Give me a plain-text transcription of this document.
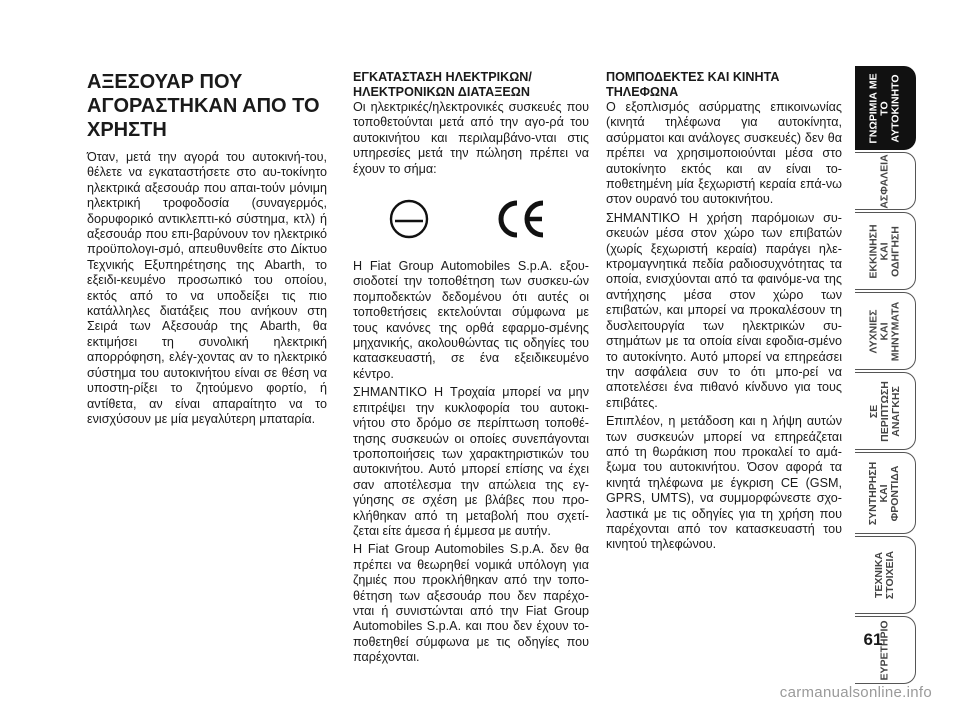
ΑΞΕΣΟΥΑΡ ΠΟΥ ΑΓΟΡΑΣΤΗΚΑΝ ΑΠΟ ΤΟ ΧΡΗΣΤΗ

Όταν, μετά την αγορά του αυτοκινή-του, θέλετε να εγκαταστήσετε στο αυ-τοκίνητο ηλεκτρικά αξεσουάρ που απαι-τούν μόνιμη ηλεκτρική τροφοδοσία (συναγερμός, δορυφορικό αντικλεπτι-κό σύστημα, κτλ) ή αξεσουάρ που επι-βαρύνουν τον ηλεκτρικό προϋπολογι-σμό, απευθυνθείτε στο Δίκτυο Τεχνικής Εξυπηρέτησης της Abarth, το εξειδι-κευμένο προσωπικό του οποίου, εκτός από το να υποδείξει τις πιο κατάλληλες διατάξεις που ανήκουν στη Σειρά των Αξεσουάρ της Abarth, θα εκτιμήσει τη συνολική ηλεκτρική απορρόφηση, ελέγ-χοντας αν το ηλεκτρικό σύστημα του αυτοκινήτου είναι σε θέση να υποστη-ρίξει το ζητούμενο φορτίο, ή αντίθετα, αν είναι απαραίτητο να το ενισχύσουν με μία μεγαλύτερη μπαταρία.

ΕΓΚΑΤΑΣΤΑΣΗ ΗΛΕΚΤΡΙΚΩΝ/ ΗΛΕΚΤΡΟΝΙΚΩΝ ΔΙΑΤΑΞΕΩΝ

Οι ηλεκτρικές/ηλεκτρονικές συσκευές που τοποθετούνται μετά από την αγο-ρά του αυτοκινήτου και περιλαμβάνο-νται στις υπηρεσίες μετά την πώληση πρέπει να έχουν το σήμα:

Η Fiat Group Automobiles S.p.A. εξου-σιοδοτεί την τοποθέτηση των συσκευ-ών πομποδεκτών δεδομένου ότι αυτές οι τοποθετήσεις εκτελούνται σύμφωνα με τους κανόνες της ορθά εφαρμο-σμένης μηχανικής, ακολουθώντας τις οδηγίες του κατασκευαστή, σε ένα εξειδικευμένο κέντρο.

ΣΗΜΑΝΤΙΚΟ Η Τροχαία μπορεί να μην επιτρέψει την κυκλοφορία του αυτοκι-νήτου στο δρόμο σε περίπτωση τοποθέ-τησης συσκευών οι οποίες συνεπάγονται τροποποιήσεις των χαρακτηριστικών του αυτοκινήτου. Αυτό μπορεί επίσης να έχει σαν αποτέλεσμα την απώλεια της εγ-γύησης σε σχέση με βλάβες που προ-κλήθηκαν από τη μεταβολή που σχετί-ζεται είτε άμεσα ή έμμεσα με αυτήν.

Η Fiat Group Automobiles S.p.A. δεν θα πρέπει να θεωρηθεί νομικά υπόλογη για ζημιές που προκλήθηκαν από την τοπο-θέτηση των αξεσουάρ που δεν παρέχο-νται ή συνιστώνται από την Fiat Group Automobiles S.p.A. και που δεν έχουν το-ποθετηθεί σύμφωνα με τις οδηγίες που παρέχονται.

ΠΟΜΠΟΔΕΚΤΕΣ ΚΑΙ ΚΙΝΗΤΑ ΤΗΛΕΦΩΝΑ

Ο εξοπλισμός ασύρματης επικοινωνίας (κινητά τηλέφωνα για αυτοκίνητα, ασύρματοι και ανάλογες συσκευές) δεν θα πρέπει να χρησιμοποιούνται μέσα στο αυτοκίνητο εκτός και αν είναι το-ποθετημένη μία ξεχωριστή κεραία επά-νω στον ουρανό του αυτοκινήτου.

ΣΗΜΑΝΤΙΚΟ Η χρήση παρόμοιων συ-σκευών μέσα στον χώρο των επιβατών (χωρίς ξεχωριστή κεραία) παράγει ηλε-κτρομαγνητικά πεδία ραδιοσυχνότητας τα οποία, ενισχύονται από τα φαινόμε-να της αντήχησης μέσα στον χώρο των επιβατών, και μπορεί να προκαλέσουν τη δυσλειτουργία των ηλεκτρικών συ-στημάτων με τα οποία είναι εφοδια-σμένο το αυτοκίνητο. Αυτό μπορεί να επηρεάσει την ασφάλεια συν το ότι μπο-ρεί να αποτελέσει ένα πιθανό κίνδυνο για τους επιβάτες.

Επιπλέον, η μετάδοση και η λήψη αυτών των συσκευών μπορεί να επηρεάζεται από τη θωράκιση που προκαλεί το αμά-ξωμα του αυτοκινήτου. Όσον αφορά τα κινητά τηλέφωνα με έγκριση CE (GSM, GPRS, UMTS), να συμμορφώνεστε σχο-λαστικά με τις οδηγίες για τη χρήση που παρέχονται από τον κατασκευαστή του κινητού τηλεφώνου.

ΓΝΩΡΙΜΙΑ ΜΕ
ΤΟ
ΑΥΤΟΚΙΝΗΤΟ
ΑΣΦΑΛΕΙΑ
ΕΚΚΙΝΗΣΗ
ΚΑΙ
ΟΔΗΓΗΣΗ
ΛΥΧΝΙΕΣ
ΚΑΙ
ΜΗΝΥΜΑΤΑ
ΣΕ
ΠΕΡΙΠΤΩΣΗ
ΑΝΑΓΚΗΣ
ΣΥΝΤΗΡΗΣΗ
ΚΑΙ
ΦΡΟΝΤΙΔΑ
ΤΕΧΝΙΚΑ
ΣΤΟΙΧΕΙΑ
ΕΥΡΕΤΗΡΙΟ
61
carmanualsonline.info
